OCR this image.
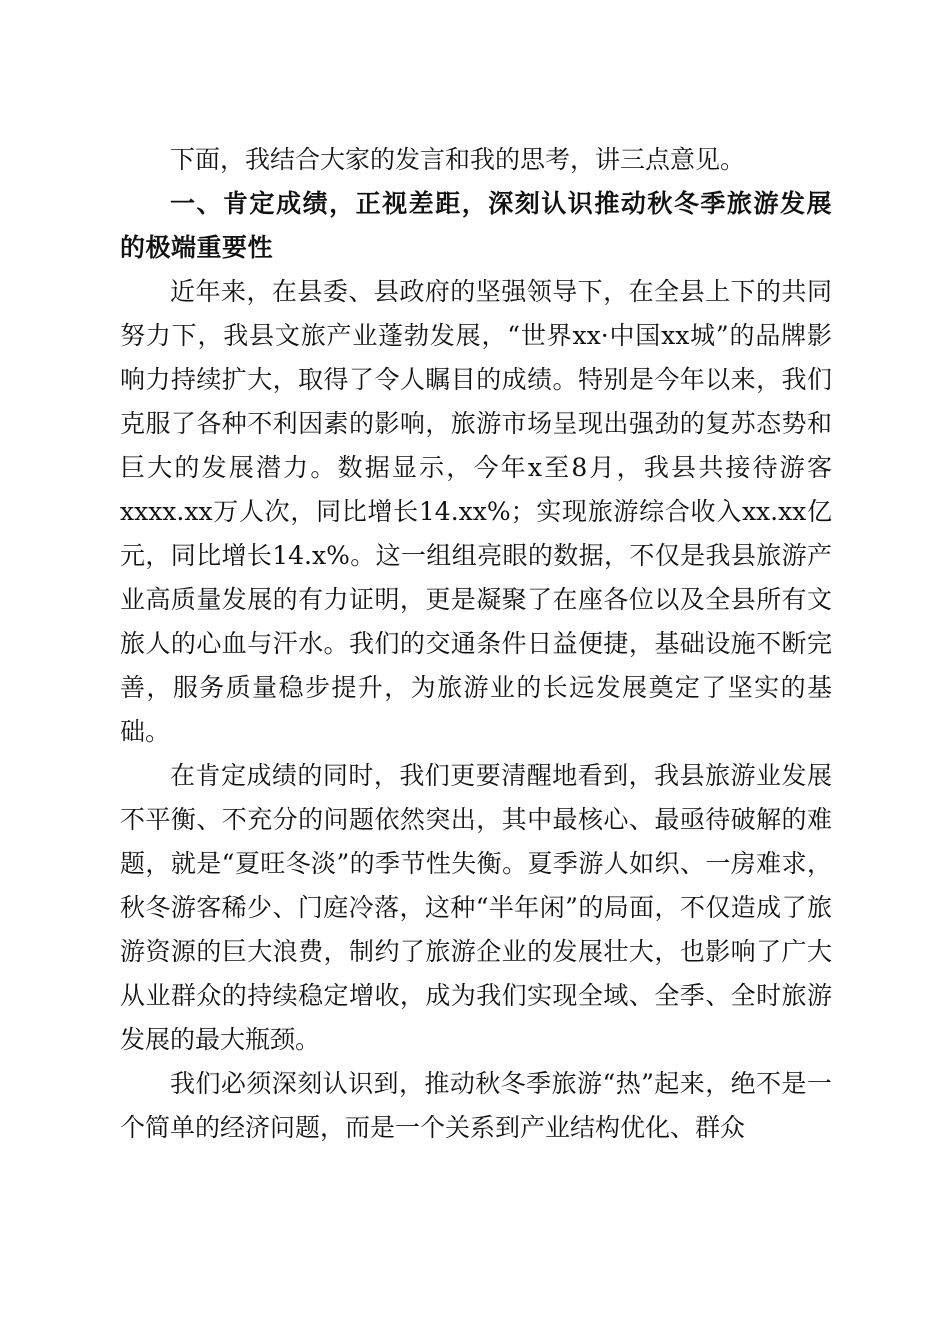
下面，我结合大家的发言和我的思考，讲三点意见。

一、肯定成绩，正视差距，深刻认识推动秋冬季旅游发展的极端重要性

近年来，在县委、县政府的坚强领导下，在全县上下的共同努力下，我县文旅产业蓬勃发展，“世界xx·中国xx城”的品牌影响力持续扩大，取得了令人瞩目的成绩。特别是今年以来，我们克服了各种不利因素的影响，旅游市场呈现出强劲的复苏态势和巨大的发展潜力。数据显示，今年x至8月，我县共接待游客xxxx.xx万人次，同比增长14.xx%；实现旅游综合收入xx.xx亿元，同比增长14.x%。这一组组亮眼的数据，不仅是我县旅游产业高质量发展的有力证明，更是凝聚了在座各位以及全县所有文旅人的心血与汗水。我们的交通条件日益便捷，基础设施不断完善，服务质量稳步提升，为旅游业的长远发展奠定了坚实的基础。

在肯定成绩的同时，我们更要清醒地看到，我县旅游业发展不平衡、不充分的问题依然突出，其中最核心、最亟待破解的难题，就是“夏旺冬淡”的季节性失衡。夏季游人如织、一房难求，秋冬游客稀少、门庭冷落，这种“半年闲”的局面，不仅造成了旅游资源的巨大浪费，制约了旅游企业的发展壮大，也影响了广大从业群众的持续稳定增收，成为我们实现全域、全季、全时旅游发展的最大瓶颈。

我们必须深刻认识到，推动秋冬季旅游“热”起来，绝不是一个简单的经济问题，而是一个关系到产业结构优化、群众
